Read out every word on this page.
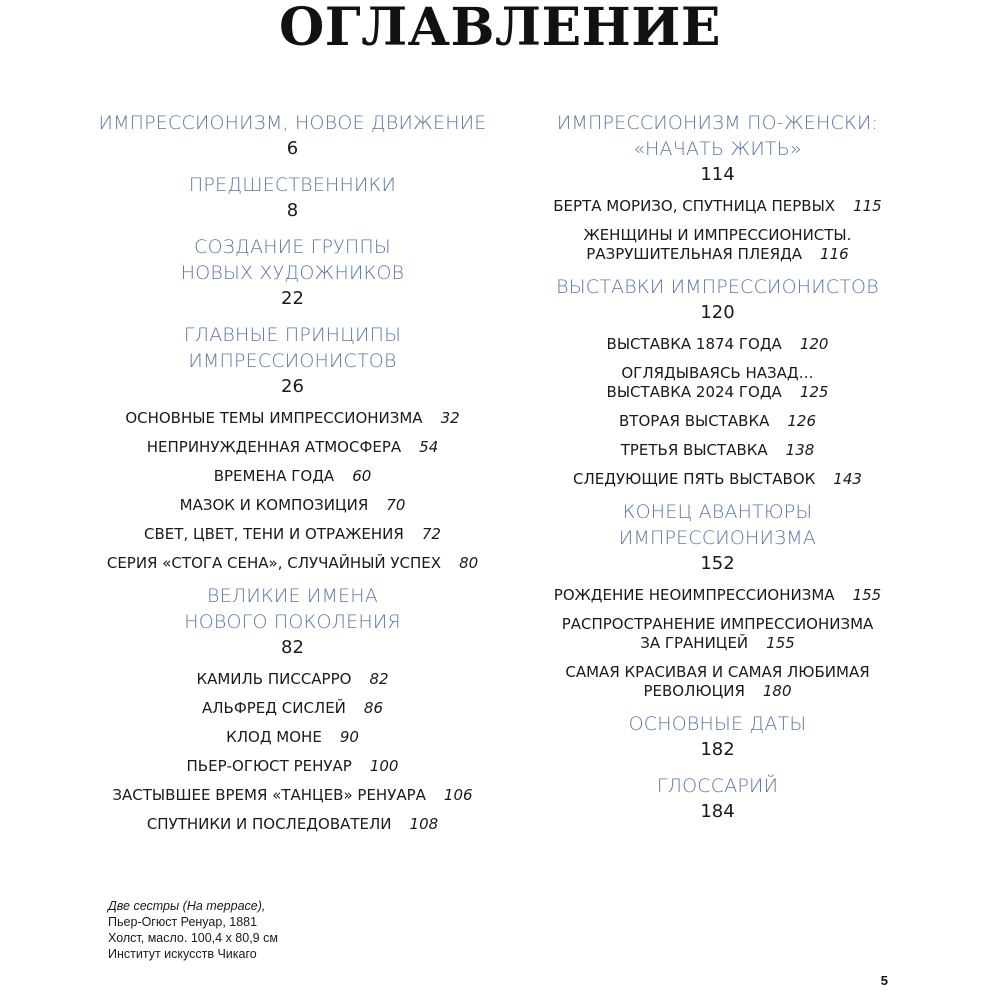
ОГЛАВЛЕНИЕ
ИМПРЕССИОНИЗМ, НОВОЕ ДВИЖЕНИЕ
6
ПРЕДШЕСТВЕННИКИ
8
СОЗДАНИЕ ГРУППЫ
НОВЫХ ХУДОЖНИКОВ
22
ГЛАВНЫЕ ПРИНЦИПЫ
ИМПРЕССИОНИСТОВ
26
ОСНОВНЫЕ ТЕМЫ ИМПРЕССИОНИЗМА 32
НЕПРИНУЖДЕННАЯ АТМОСФЕРА 54
ВРЕМЕНА ГОДА 60
МАЗОК И КОМПОЗИЦИЯ 70
СВЕТ, ЦВЕТ, ТЕНИ И ОТРАЖЕНИЯ 72
СЕРИЯ «СТОГА СЕНА», СЛУЧАЙНЫЙ УСПЕХ 80
ВЕЛИКИЕ ИМЕНА
НОВОГО ПОКОЛЕНИЯ
82
КАМИЛЬ ПИССАРРО 82
АЛЬФРЕД СИСЛЕЙ 86
КЛОД МОНЕ 90
ПЬЕР-ОГЮСТ РЕНУАР 100
ЗАСТЫВШЕЕ ВРЕМЯ «ТАНЦЕВ» РЕНУАРА 106
СПУТНИКИ И ПОСЛЕДОВАТЕЛИ 108
ИМПРЕССИОНИЗМ ПО-ЖЕНСКИ:
«НАЧАТЬ ЖИТЬ»
114
БЕРТА МОРИЗО, СПУТНИЦА ПЕРВЫХ 115
ЖЕНЩИНЫ И ИМПРЕССИОНИСТЫ.
РАЗРУШИТЕЛЬНАЯ ПЛЕЯДА 116
ВЫСТАВКИ ИМПРЕССИОНИСТОВ
120
ВЫСТАВКА 1874 ГОДА 120
ОГЛЯДЫВАЯСЬ НАЗАД…
ВЫСТАВКА 2024 ГОДА 125
ВТОРАЯ ВЫСТАВКА 126
ТРЕТЬЯ ВЫСТАВКА 138
СЛЕДУЮЩИЕ ПЯТЬ ВЫСТАВОК 143
КОНЕЦ АВАНТЮРЫ
ИМПРЕССИОНИЗМА
152
РОЖДЕНИЕ НЕОИМПРЕССИОНИЗМА 155
РАСПРОСТРАНЕНИЕ ИМПРЕССИОНИЗМА
ЗА ГРАНИЦЕЙ 155
САМАЯ КРАСИВАЯ И САМАЯ ЛЮБИМАЯ
РЕВОЛЮЦИЯ 180
ОСНОВНЫЕ ДАТЫ
182
ГЛОССАРИЙ
184
Две сестры (На террасе),
Пьер-Огюст Ренуар, 1881
Холст, масло. 100,4 х 80,9 см
Институт искусств Чикаго
5
